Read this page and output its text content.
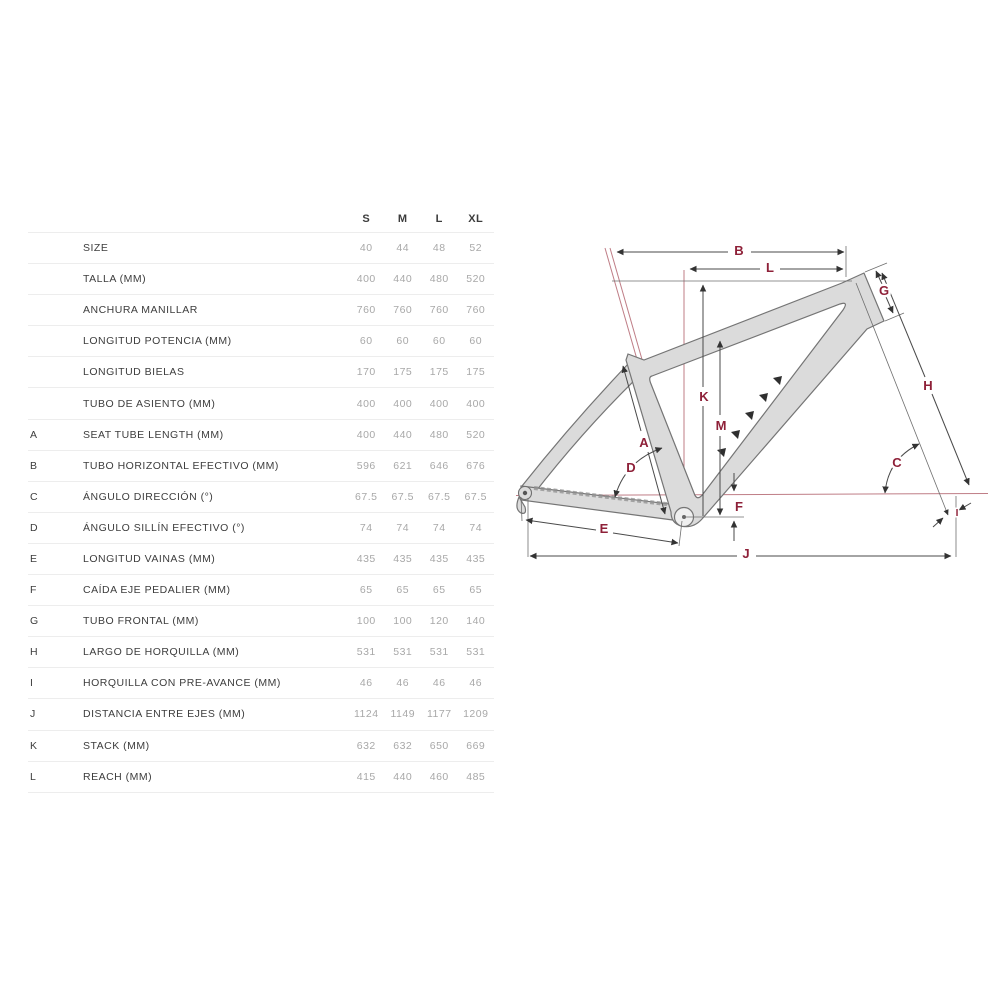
S	M	L	XL
SIZE	40	44	48	52
TALLA (MM)	400	440	480	520
ANCHURA MANILLAR	760	760	760	760
LONGITUD POTENCIA (MM)	60	60	60	60
LONGITUD BIELAS	170	175	175	175
TUBO DE ASIENTO (MM)	400	400	400	400
A	SEAT TUBE LENGTH (MM)	400	440	480	520
B	TUBO HORIZONTAL EFECTIVO (MM)	596	621	646	676
C	ÁNGULO DIRECCIÓN (°)	67.5	67.5	67.5	67.5
D	ÁNGULO SILLÍN EFECTIVO (°)	74	74	74	74
E	LONGITUD VAINAS (MM)	435	435	435	435
F	CAÍDA EJE PEDALIER (MM)	65	65	65	65
G	TUBO FRONTAL (MM)	100	100	120	140
H	LARGO DE HORQUILLA (MM)	531	531	531	531
I	HORQUILLA CON PRE-AVANCE (MM)	46	46	46	46
J	DISTANCIA ENTRE EJES (MM)	1124	1149	1177	1209
K	STACK (MM)	632	632	650	669
L	REACH (MM)	415	440	460	485
B
L
G
H
K
M
A
D	C
F
E
J
I
